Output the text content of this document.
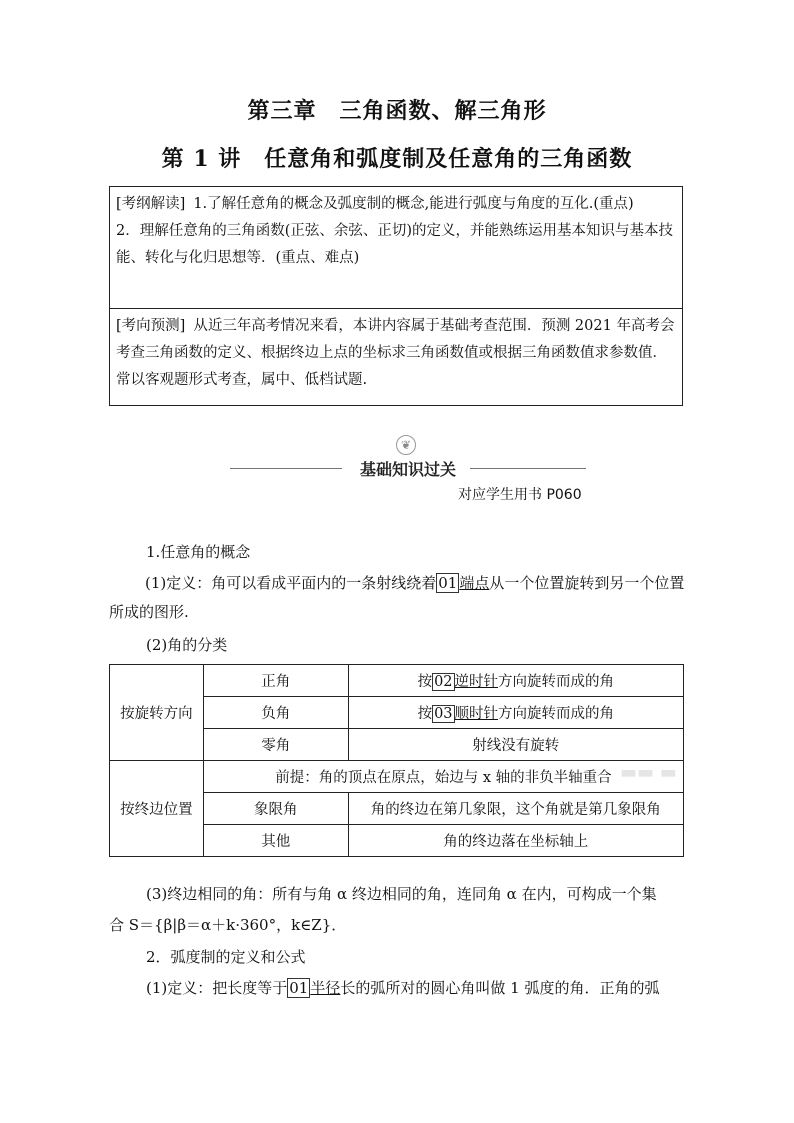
第三章　三角函数、解三角形
第 1 讲　任意角和弧度制及任意角的三角函数
[考纲解读] 1.了解任意角的概念及弧度制的概念,能进行弧度与角度的互化.(重点)
2．理解任意角的三角函数(正弦、余弦、正切)的定义，并能熟练运用基本知识与基本技能、转化与化归思想等．(重点、难点)
[考向预测] 从近三年高考情况来看，本讲内容属于基础考查范围．预测 2021 年高考会考查三角函数的定义、根据终边上点的坐标求三角函数值或根据三角函数值求参数值．常以客观题形式考查，属中、低档试题.
❦
基础知识过关
对应学生用书 P060
1.任意角的概念
(1)定义：角可以看成平面内的一条射线绕着 01 端点从一个位置旋转到另一个位置所成的图形.
(2)角的分类
按旋转方向	正角	按 02 逆时针方向旋转而成的角
	负角	按 03 顺时针方向旋转而成的角
	零角	射线没有旋转
按终边位置	前提：角的顶点在原点，始边与 x 轴的非负半轴重合	
	象限角	角的终边在第几象限，这个角就是第几象限角
	其他	角的终边落在坐标轴上
▬▬ ▬
(3)终边相同的角：所有与角 α 终边相同的角，连同角 α 在内，可构成一个集
合 S＝{β|β＝α＋k·360°，k∈Z}．
2．弧度制的定义和公式
(1)定义：把长度等于 01 半径长的弧所对的圆心角叫做 1 弧度的角．正角的弧
